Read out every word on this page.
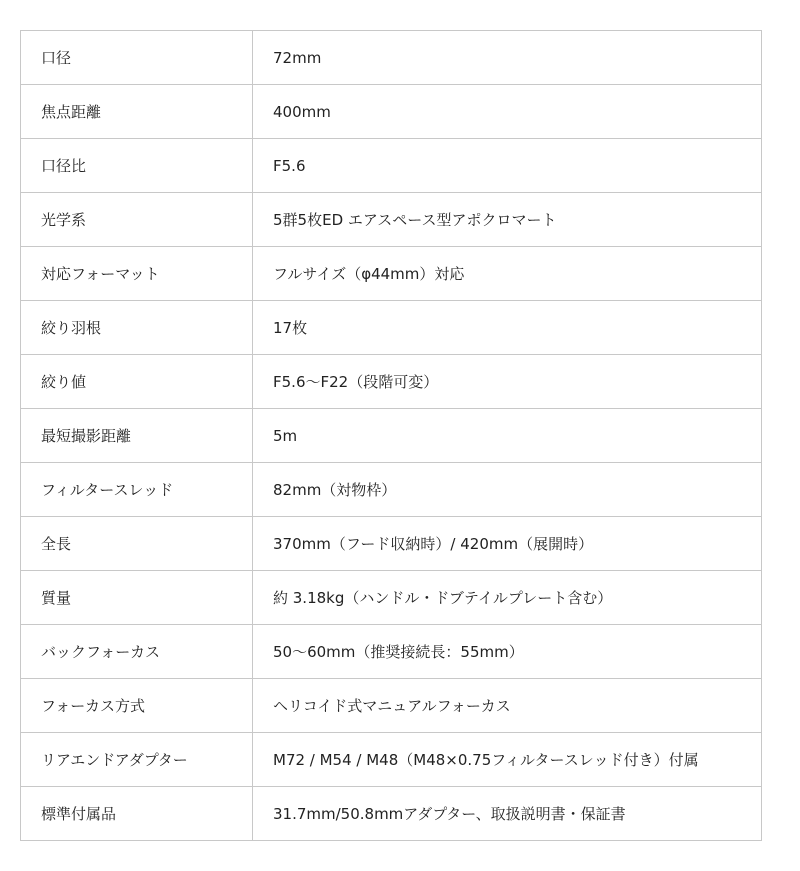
口径	72mm
焦点距離	400mm
口径比	F5.6
光学系	5群5枚ED エアスペース型アポクロマート
対応フォーマット	フルサイズ（φ44mm）対応
絞り羽根	17枚
絞り値	F5.6〜F22（段階可変）
最短撮影距離	5m
フィルタースレッド	82mm（対物枠）
全長	370mm（フード収納時）/ 420mm（展開時）
質量	約 3.18kg（ハンドル・ドブテイルプレート含む）
バックフォーカス	50〜60mm（推奨接続長：55mm）
フォーカス方式	ヘリコイド式マニュアルフォーカス
リアエンドアダプター	M72 / M54 / M48（M48×0.75フィルタースレッド付き）付属
標準付属品	31.7mm/50.8mmアダプター、取扱説明書・保証書
